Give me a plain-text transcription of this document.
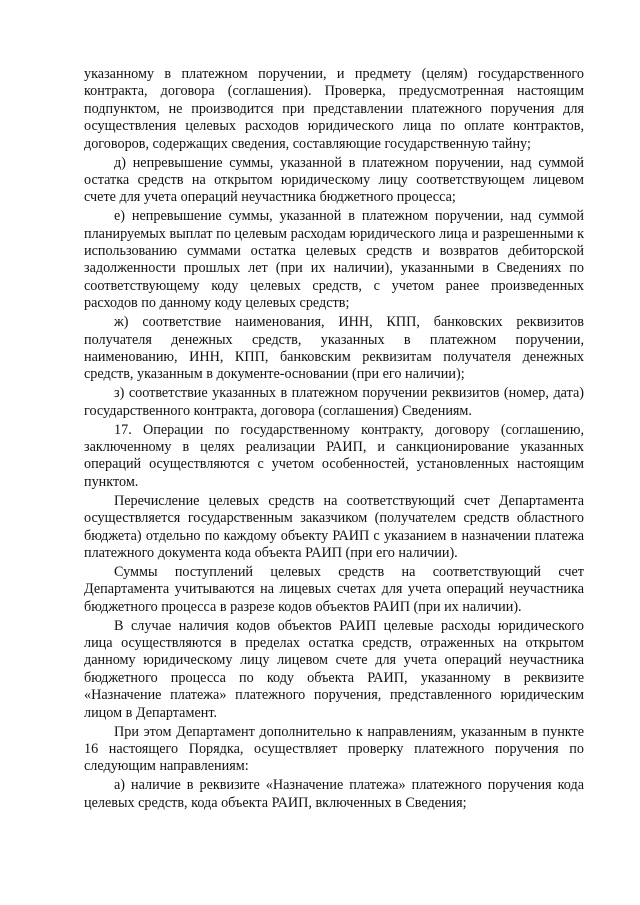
указанному в платежном поручении, и предмету (целям) государственного контракта, договора (соглашения). Проверка, предусмотренная настоящим подпунктом, не производится при представлении платежного поручения для осуществления целевых расходов юридического лица по оплате контрактов, договоров, содержащих сведения, составляющие государственную тайну;

д) непревышение суммы, указанной в платежном поручении, над суммой остатка средств на открытом юридическому лицу соответствующем лицевом счете для учета операций неучастника бюджетного процесса;

е) непревышение суммы, указанной в платежном поручении, над суммой планируемых выплат по целевым расходам юридического лица и разрешенными к использованию суммами остатка целевых средств и возвратов дебиторской задолженности прошлых лет (при их наличии), указанными в Сведениях по соответствующему коду целевых средств, с учетом ранее произведенных расходов по данному коду целевых средств;

ж) соответствие наименования, ИНН, КПП, банковских реквизитов получателя денежных средств, указанных в платежном поручении, наименованию, ИНН, КПП, банковским реквизитам получателя денежных средств, указанным в документе-основании (при его наличии);

з) соответствие указанных в платежном поручении реквизитов (номер, дата) государственного контракта, договора (соглашения) Сведениям.

17. Операции по государственному контракту, договору (соглашению, заключенному в целях реализации РАИП, и санкционирование указанных операций осуществляются с учетом особенностей, установленных настоящим пунктом.

Перечисление целевых средств на соответствующий счет Департамента осуществляется государственным заказчиком (получателем средств областного бюджета) отдельно по каждому объекту РАИП с указанием в назначении платежа платежного документа кода объекта РАИП (при его наличии).

Суммы поступлений целевых средств на соответствующий счет Департамента учитываются на лицевых счетах для учета операций неучастника бюджетного процесса в разрезе кодов объектов РАИП (при их наличии).

В случае наличия кодов объектов РАИП целевые расходы юридического лица осуществляются в пределах остатка средств, отраженных на открытом данному юридическому лицу лицевом счете для учета операций неучастника бюджетного процесса по коду объекта РАИП, указанному в реквизите «Назначение платежа» платежного поручения, представленного юридическим лицом в Департамент.

При этом Департамент дополнительно к направлениям, указанным в пункте 16 настоящего Порядка, осуществляет проверку платежного поручения по следующим направлениям:

а) наличие в реквизите «Назначение платежа» платежного поручения кода целевых средств, кода объекта РАИП, включенных в Сведения;
